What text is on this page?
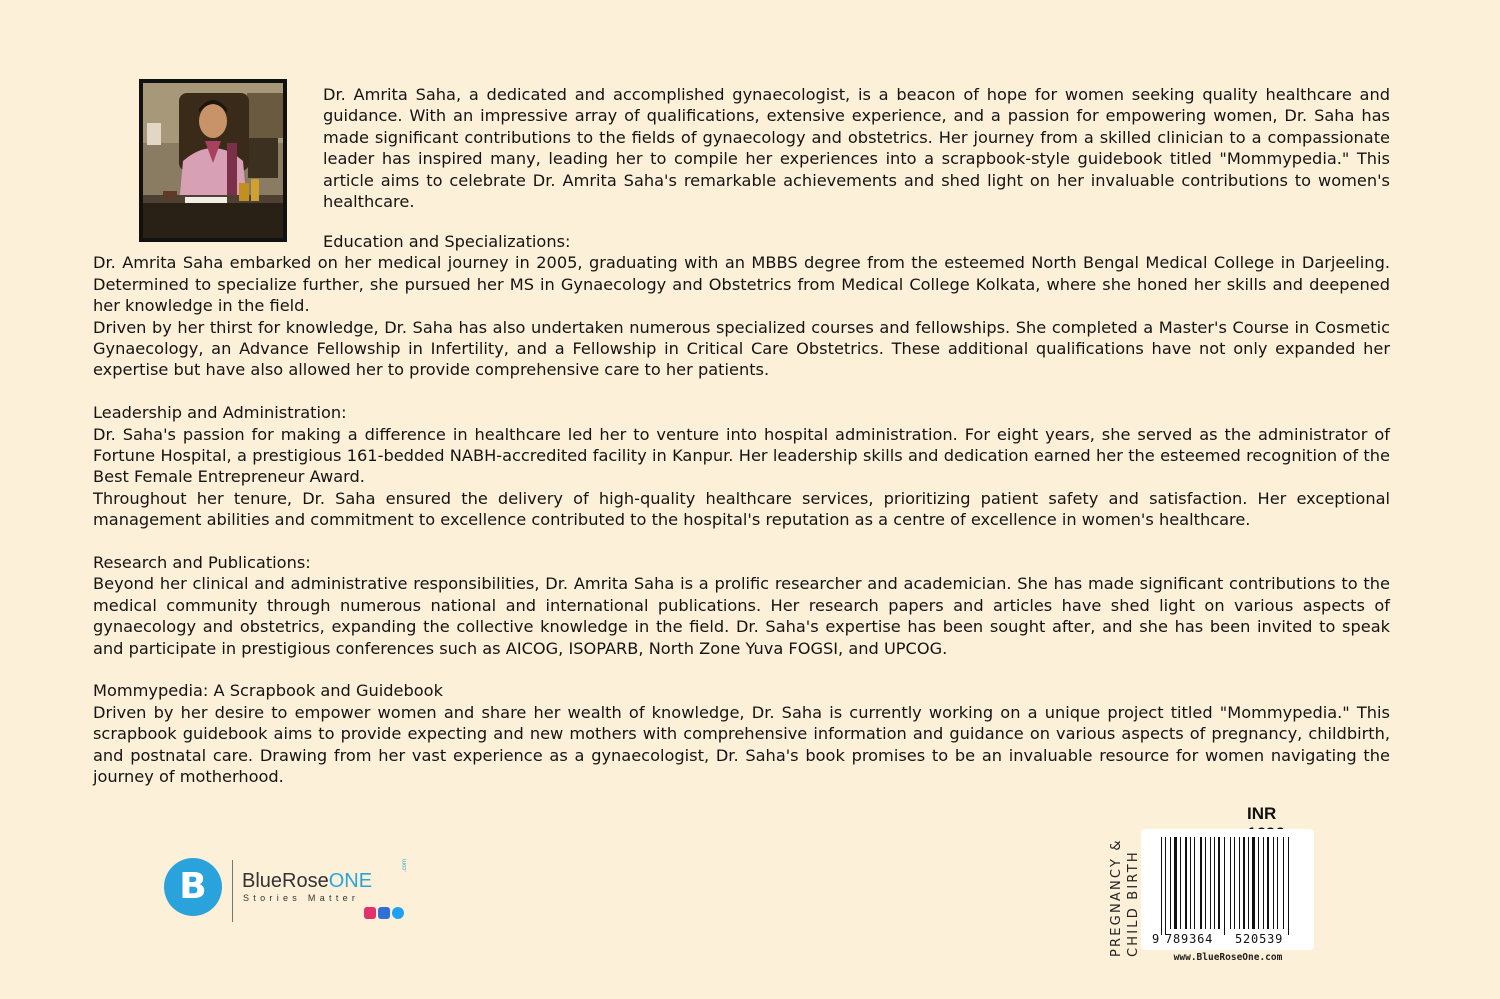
Dr. Amrita Saha, a dedicated and accomplished gynaecologist, is a beacon of hope for women seeking quality healthcare and guidance. With an impressive array of qualifications, extensive experience, and a passion for empowering women, Dr. Saha has made significant contributions to the fields of gynaecology and obstetrics. Her journey from a skilled clinician to a compassionate leader has inspired many, leading her to compile her experiences into a scrapbook-style guidebook titled "Mommypedia." This article aims to celebrate Dr. Amrita Saha's remarkable achievements and shed light on her invaluable contributions to women's healthcare.

Education and Specializations:

Dr. Amrita Saha embarked on her medical journey in 2005, graduating with an MBBS degree from the esteemed North Bengal Medical College in Darjeeling. Determined to specialize further, she pursued her MS in Gynaecology and Obstetrics from Medical College Kolkata, where she honed her skills and deepened her knowledge in the field.

Driven by her thirst for knowledge, Dr. Saha has also undertaken numerous specialized courses and fellowships. She completed a Master's Course in Cosmetic Gynaecology, an Advance Fellowship in Infertility, and a Fellowship in Critical Care Obstetrics. These additional qualifications have not only expanded her expertise but have also allowed her to provide comprehensive care to her patients.

Leadership and Administration:

Dr. Saha's passion for making a difference in healthcare led her to venture into hospital administration. For eight years, she served as the administrator of Fortune Hospital, a prestigious 161-bedded NABH-accredited facility in Kanpur. Her leadership skills and dedication earned her the esteemed recognition of the Best Female Entrepreneur Award.

Throughout her tenure, Dr. Saha ensured the delivery of high-quality healthcare services, prioritizing patient safety and satisfaction. Her exceptional management abilities and commitment to excellence contributed to the hospital's reputation as a centre of excellence in women's healthcare.

Research and Publications:

Beyond her clinical and administrative responsibilities, Dr. Amrita Saha is a prolific researcher and academician. She has made significant contributions to the medical community through numerous national and international publications. Her research papers and articles have shed light on various aspects of gynaecology and obstetrics, expanding the collective knowledge in the field. Dr. Saha's expertise has been sought after, and she has been invited to speak and participate in prestigious conferences such as AICOG, ISOPARB, North Zone Yuva FOGSI, and UPCOG.

Mommypedia: A Scrapbook and Guidebook

Driven by her desire to empower women and share her wealth of knowledge, Dr. Saha is currently working on a unique project titled "Mommypedia." This scrapbook guidebook aims to provide expecting and new mothers with comprehensive information and guidance on various aspects of pregnancy, childbirth, and postnatal care. Drawing from her vast experience as a gynaecologist, Dr. Saha's book promises to be an invaluable resource for women navigating the journey of motherhood.

B	BlueRoseONE
.com
Stories Matter
INR
PREGNANCY & CHILD BIRTH 9 789364 520539
www.BlueRoseOne.com
